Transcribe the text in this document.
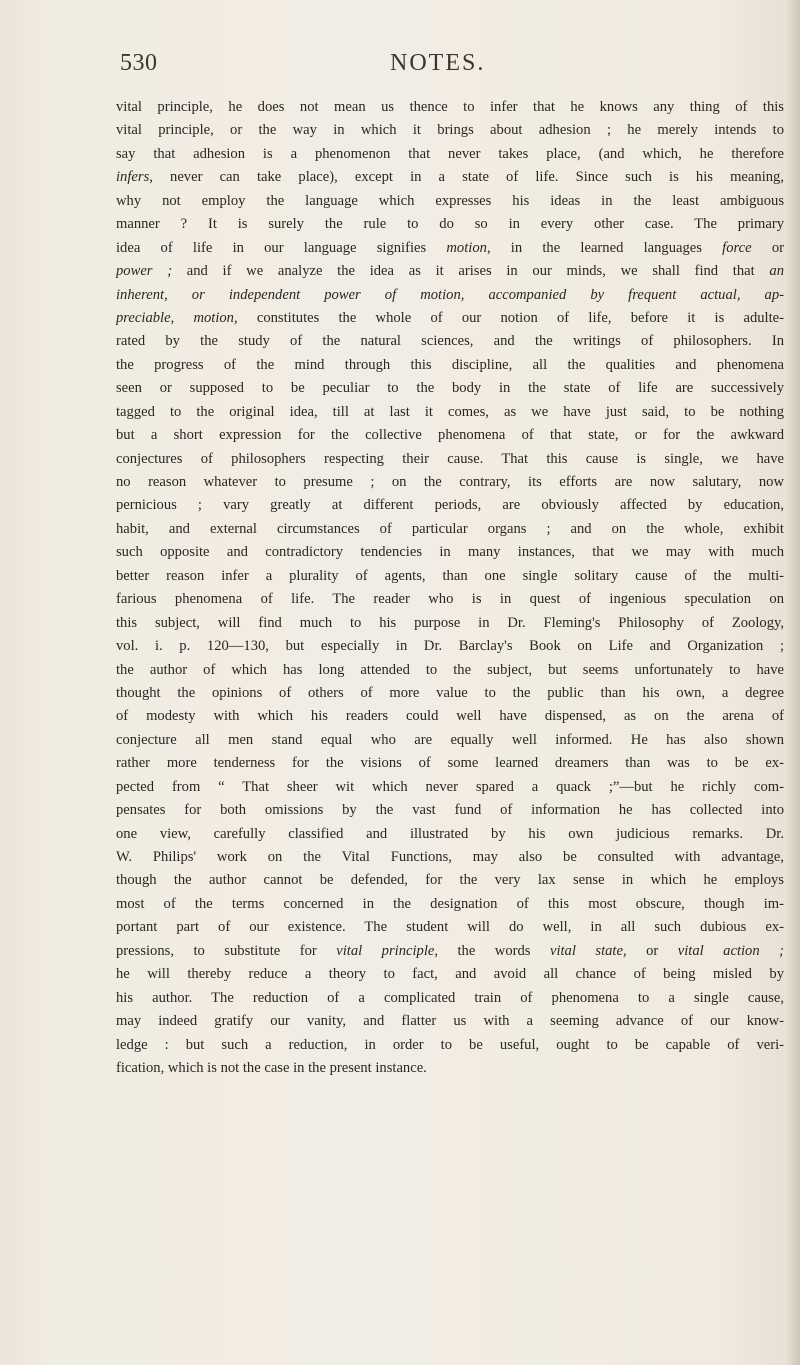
530	NOTES.
vital principle, he does not mean us thence to infer that he knows any thing of this
vital principle, or the way in which it brings about adhesion ; he merely intends to
say that adhesion is a phenomenon that never takes place, (and which, he therefore
infers, never can take place), except in a state of life. Since such is his meaning,
why not employ the language which expresses his ideas in the least ambiguous
manner ? It is surely the rule to do so in every other case. The primary
idea of life in our language signifies motion, in the learned languages force or
power ; and if we analyze the idea as it arises in our minds, we shall find that an
inherent, or independent power of motion, accompanied by frequent actual, ap-
preciable, motion, constitutes the whole of our notion of life, before it is adulte-
rated by the study of the natural sciences, and the writings of philosophers. In
the progress of the mind through this discipline, all the qualities and phenomena
seen or supposed to be peculiar to the body in the state of life are successively
tagged to the original idea, till at last it comes, as we have just said, to be nothing
but a short expression for the collective phenomena of that state, or for the awkward
conjectures of philosophers respecting their cause. That this cause is single, we have
no reason whatever to presume ; on the contrary, its efforts are now salutary, now
pernicious ; vary greatly at different periods, are obviously affected by education,
habit, and external circumstances of particular organs ; and on the whole, exhibit
such opposite and contradictory tendencies in many instances, that we may with much
better reason infer a plurality of agents, than one single solitary cause of the multi-
farious phenomena of life. The reader who is in quest of ingenious speculation on
this subject, will find much to his purpose in Dr. Fleming's Philosophy of Zoology,
vol. i. p. 120—130, but especially in Dr. Barclay's Book on Life and Organization ;
the author of which has long attended to the subject, but seems unfortunately to have
thought the opinions of others of more value to the public than his own, a degree
of modesty with which his readers could well have dispensed, as on the arena of
conjecture all men stand equal who are equally well informed. He has also shown
rather more tenderness for the visions of some learned dreamers than was to be ex-
pected from “ That sheer wit which never spared a quack ;”—but he richly com-
pensates for both omissions by the vast fund of information he has collected into
one view, carefully classified and illustrated by his own judicious remarks. Dr.
W. Philips' work on the Vital Functions, may also be consulted with advantage,
though the author cannot be defended, for the very lax sense in which he employs
most of the terms concerned in the designation of this most obscure, though im-
portant part of our existence. The student will do well, in all such dubious ex-
pressions, to substitute for vital principle, the words vital state, or vital action ;
he will thereby reduce a theory to fact, and avoid all chance of being misled by
his author. The reduction of a complicated train of phenomena to a single cause,
may indeed gratify our vanity, and flatter us with a seeming advance of our know-
ledge : but such a reduction, in order to be useful, ought to be capable of veri-
fication, which is not the case in the present instance.
